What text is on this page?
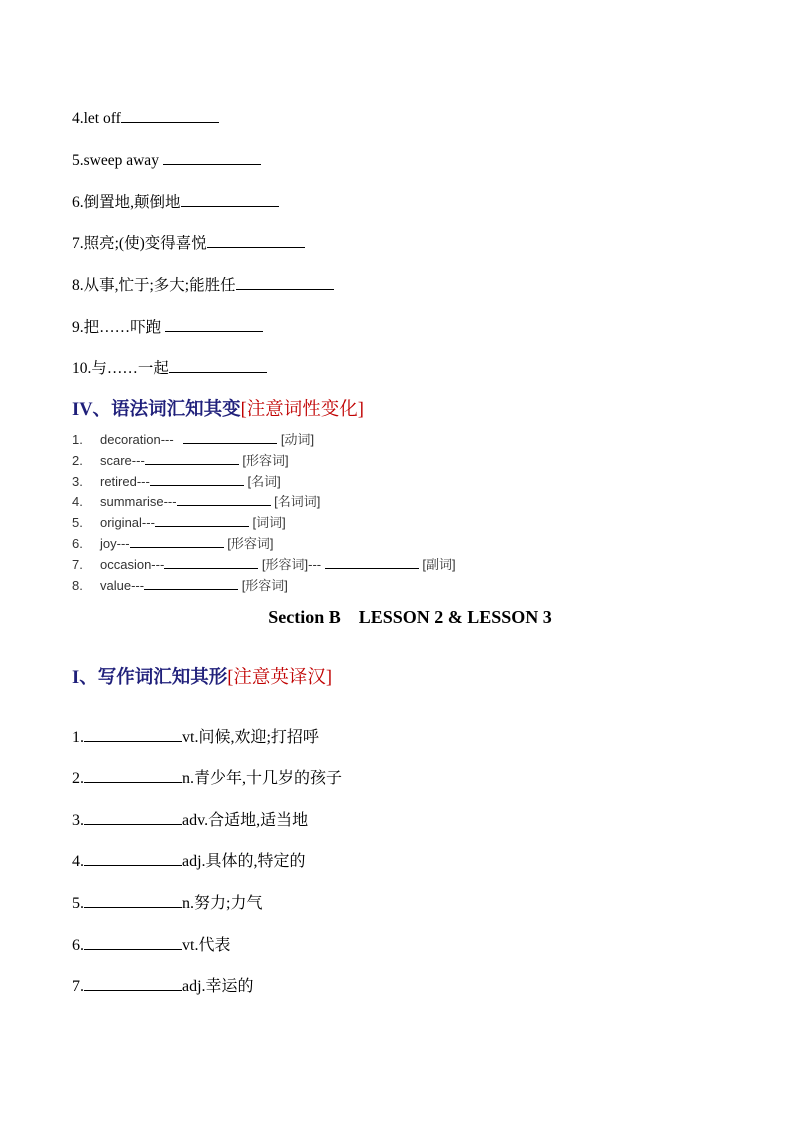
4.let off
5.sweep away
6.倒置地,颠倒地
7.照亮;(使)变得喜悦
8.从事,忙于;多大;能胜任
9.把……吓跑
10.与……一起
IV、语法词汇知其变[注意词性变化]
1. decoration---	[动词]
2. scare---	[形容词]
3. retired---	[名词]
4. summarise---	[名词词]
5. original---	[词词]
6. joy---	[形容词]
7. occasion---	[形容词]---	[副词]
8. value---	[形容词]
Section B    LESSON 2 & LESSON 3
I、写作词汇知其形[注意英译汉]
1.	vt.问候,欢迎;打招呼
2.	n.青少年,十几岁的孩子
3.	adv.合适地,适当地
4.	adj.具体的,特定的
5.	n.努力;力气
6.	vt.代表
7.	adj.幸运的
